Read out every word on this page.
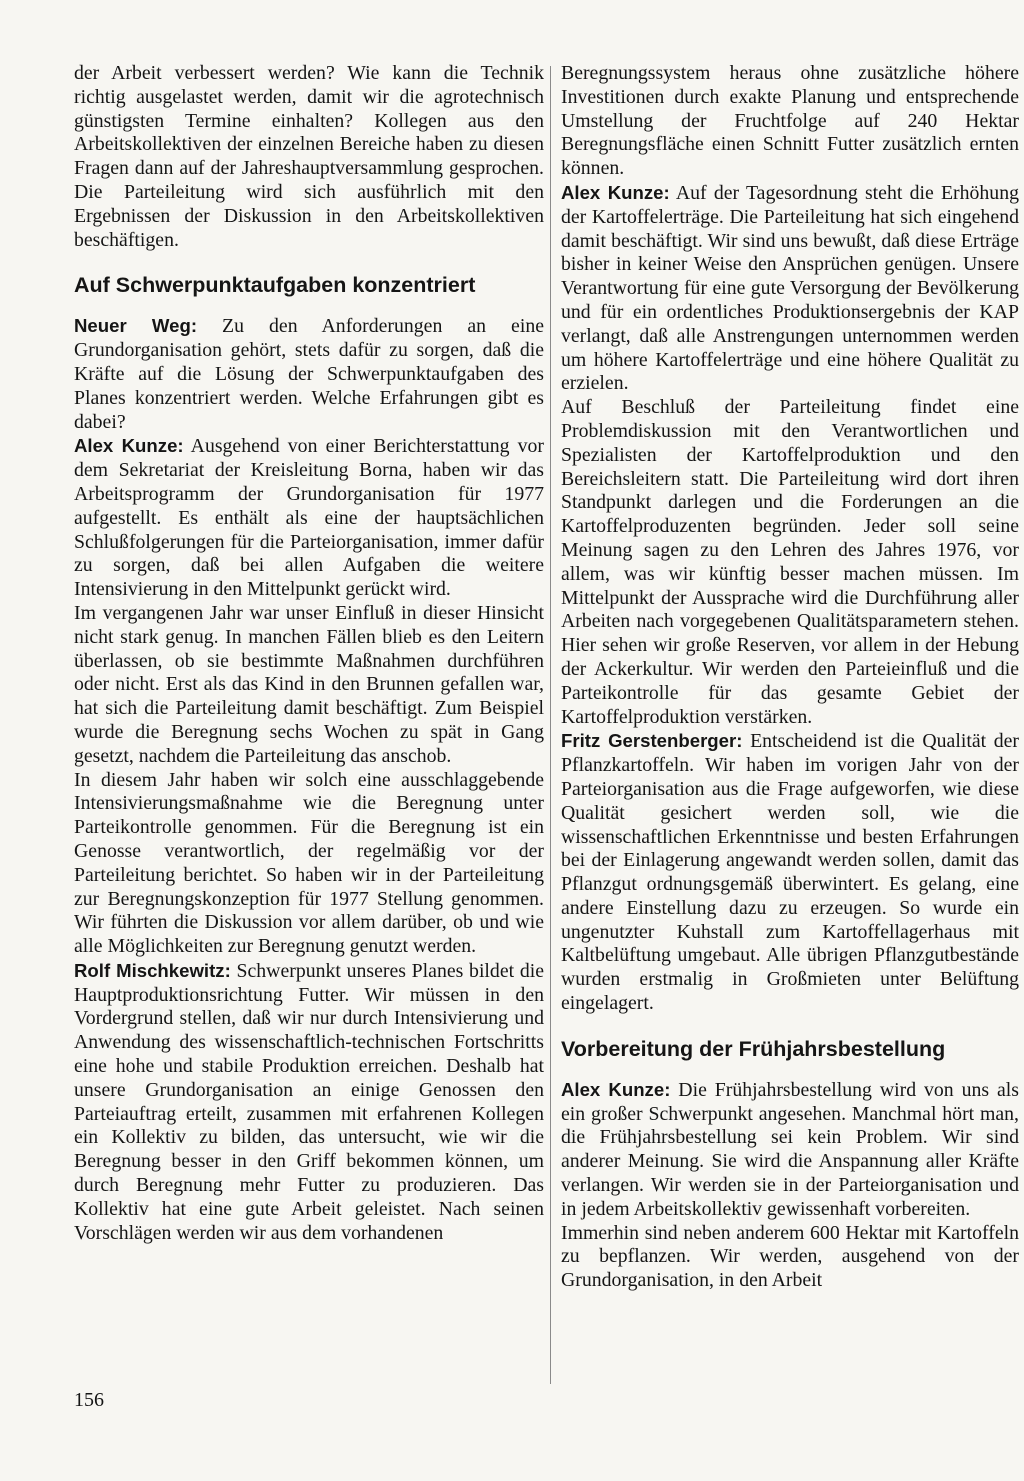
der Arbeit verbessert werden? Wie kann die Technik richtig ausgelastet werden, damit wir die agrotechnisch günstigsten Termine einhalten? Kollegen aus den Arbeitskollektiven der einzelnen Bereiche haben zu diesen Fragen dann auf der Jahreshauptversammlung gesprochen. Die Parteileitung wird sich ausführlich mit den Ergebnissen der Diskussion in den Arbeitskollektiven beschäftigen.

Auf Schwerpunktaufgaben konzentriert

Neuer Weg: Zu den Anforderungen an eine Grundorganisation gehört, stets dafür zu sorgen, daß die Kräfte auf die Lösung der Schwerpunktaufgaben des Planes konzentriert werden. Welche Erfahrungen gibt es dabei?

Alex Kunze: Ausgehend von einer Berichterstattung vor dem Sekretariat der Kreisleitung Borna, haben wir das Arbeitsprogramm der Grundorganisation für 1977 aufgestellt. Es enthält als eine der hauptsächlichen Schlußfolgerungen für die Parteiorganisation, immer dafür zu sorgen, daß bei allen Aufgaben die weitere Intensivierung in den Mittelpunkt gerückt wird.

Im vergangenen Jahr war unser Einfluß in dieser Hinsicht nicht stark genug. In manchen Fällen blieb es den Leitern überlassen, ob sie bestimmte Maßnahmen durchführen oder nicht. Erst als das Kind in den Brunnen gefallen war, hat sich die Parteileitung damit beschäftigt. Zum Beispiel wurde die Beregnung sechs Wochen zu spät in Gang gesetzt, nachdem die Parteileitung das anschob.

In diesem Jahr haben wir solch eine ausschlaggebende Intensivierungsmaßnahme wie die Beregnung unter Parteikontrolle genommen. Für die Beregnung ist ein Genosse verantwortlich, der regelmäßig vor der Parteileitung berichtet. So haben wir in der Parteileitung zur Beregnungskonzeption für 1977 Stellung genommen. Wir führten die Diskussion vor allem darüber, ob und wie alle Möglichkeiten zur Beregnung genutzt werden.

Rolf Mischkewitz: Schwerpunkt unseres Planes bildet die Hauptproduktionsrichtung Futter. Wir müssen in den Vordergrund stellen, daß wir nur durch Intensivierung und Anwendung des wissenschaftlich-technischen Fortschritts eine hohe und stabile Produktion erreichen. Deshalb hat unsere Grundorganisation an einige Genossen den Parteiauftrag erteilt, zusammen mit erfahrenen Kollegen ein Kollektiv zu bilden, das untersucht, wie wir die Beregnung besser in den Griff bekommen können, um durch Beregnung mehr Futter zu produzieren. Das Kollektiv hat eine gute Arbeit geleistet. Nach seinen Vorschlägen werden wir aus dem vorhandenen

Beregnungssystem heraus ohne zusätzliche höhere Investitionen durch exakte Planung und entsprechende Umstellung der Fruchtfolge auf 240 Hektar Beregnungsfläche einen Schnitt Futter zusätzlich ernten können.

Alex Kunze: Auf der Tagesordnung steht die Erhöhung der Kartoffelerträge. Die Parteileitung hat sich eingehend damit beschäftigt. Wir sind uns bewußt, daß diese Erträge bisher in keiner Weise den Ansprüchen genügen. Unsere Verantwortung für eine gute Versorgung der Bevölkerung und für ein ordentliches Produktionsergebnis der KAP verlangt, daß alle Anstrengungen unternommen werden um höhere Kartoffelerträge und eine höhere Qualität zu erzielen.

Auf Beschluß der Parteileitung findet eine Problemdiskussion mit den Verantwortlichen und Spezialisten der Kartoffelproduktion und den Bereichsleitern statt. Die Parteileitung wird dort ihren Standpunkt darlegen und die Forderungen an die Kartoffelproduzenten begründen. Jeder soll seine Meinung sagen zu den Lehren des Jahres 1976, vor allem, was wir künftig besser machen müssen. Im Mittelpunkt der Aussprache wird die Durchführung aller Arbeiten nach vorgegebenen Qualitätsparametern stehen. Hier sehen wir große Reserven, vor allem in der Hebung der Ackerkultur. Wir werden den Parteieinfluß und die Parteikontrolle für das gesamte Gebiet der Kartoffelproduktion verstärken.

Fritz Gerstenberger: Entscheidend ist die Qualität der Pflanzkartoffeln. Wir haben im vorigen Jahr von der Parteiorganisation aus die Frage aufgeworfen, wie diese Qualität gesichert werden soll, wie die wissenschaftlichen Erkenntnisse und besten Erfahrungen bei der Einlagerung angewandt werden sollen, damit das Pflanzgut ordnungsgemäß überwintert. Es gelang, eine andere Einstellung dazu zu erzeugen. So wurde ein ungenutzter Kuhstall zum Kartoffellagerhaus mit Kaltbelüftung umgebaut. Alle übrigen Pflanzgutbestände wurden erstmalig in Großmieten unter Belüftung eingelagert.

Vorbereitung der Frühjahrsbestellung

Alex Kunze: Die Frühjahrsbestellung wird von uns als ein großer Schwerpunkt angesehen. Manchmal hört man, die Frühjahrsbestellung sei kein Problem. Wir sind anderer Meinung. Sie wird die Anspannung aller Kräfte verlangen. Wir werden sie in der Parteiorganisation und in jedem Arbeitskollektiv gewissenhaft vorbereiten.

Immerhin sind neben anderem 600 Hektar mit Kartoffeln zu bepflanzen. Wir werden, ausgehend von der Grundorganisation, in den Arbeit

156
